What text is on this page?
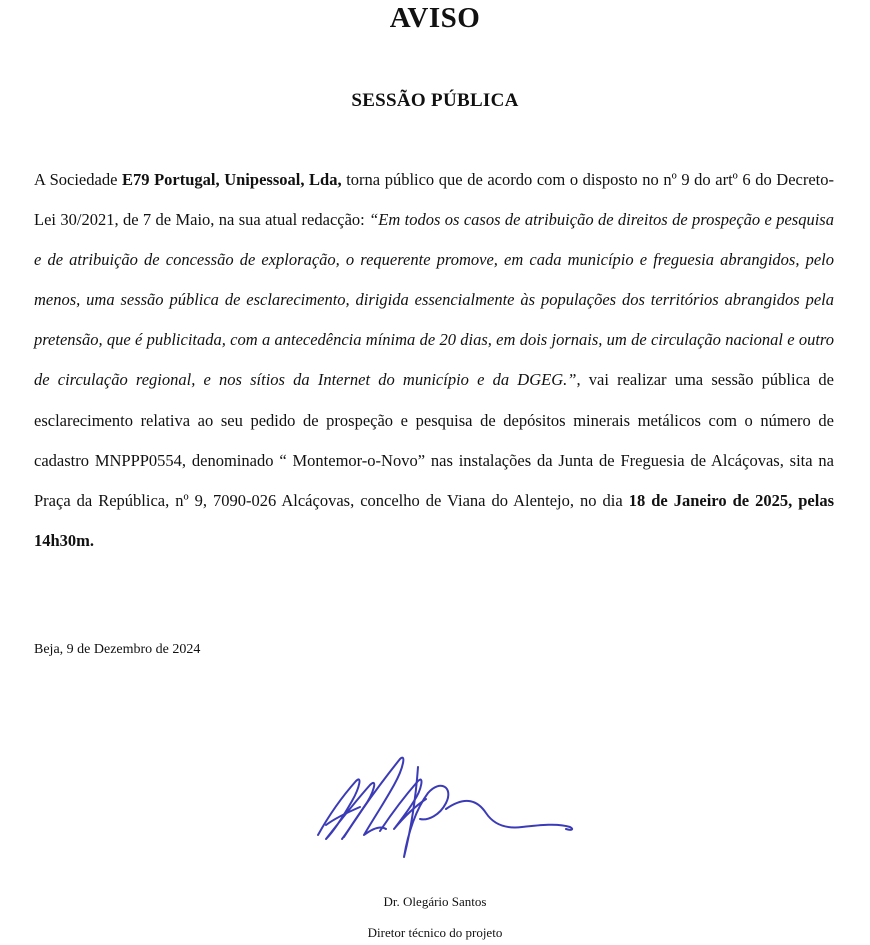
AVISO
SESSÃO PÚBLICA
A Sociedade E79 Portugal, Unipessoal, Lda, torna público que de acordo com o disposto no nº 9 do artº 6 do Decreto-Lei 30/2021, de 7 de Maio, na sua atual redacção: “Em todos os casos de atribuição de direitos de prospeção e pesquisa e de atribuição de concessão de exploração, o requerente promove, em cada município e freguesia abrangidos, pelo menos, uma sessão pública de esclarecimento, dirigida essencialmente às populações dos territórios abrangidos pela pretensão, que é publicitada, com a antecedência mínima de 20 dias, em dois jornais, um de circulação nacional e outro de circulação regional, e nos sítios da Internet do município e da DGEG.”, vai realizar uma sessão pública de esclarecimento relativa ao seu pedido de prospeção e pesquisa de depósitos minerais metálicos com o número de cadastro MNPPP0554, denominado “ Montemor-o-Novo” nas instalações da Junta de Freguesia de Alcáçovas, sita na Praça da República, nº 9, 7090-026 Alcáçovas, concelho de Viana do Alentejo, no dia 18 de Janeiro de 2025, pelas 14h30m.
Beja, 9 de Dezembro de 2024
Dr. Olegário Santos
Diretor técnico do projeto
